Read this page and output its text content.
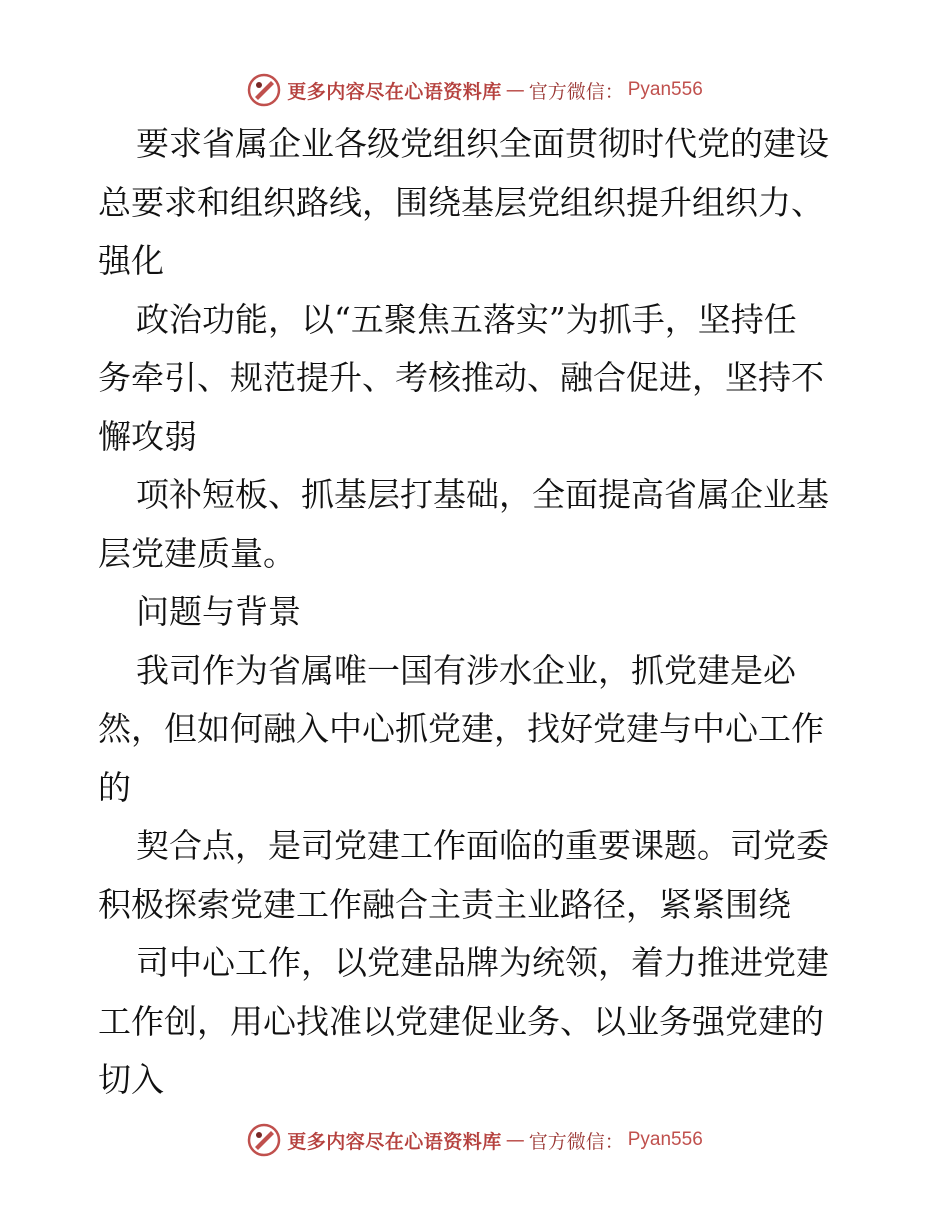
更多内容尽在心语资料库 — 官方微信： Pyan556
要求省属企业各级党组织全面贯彻时代党的建设
总要求和组织路线，围绕基层党组织提升组织力、
强化
政治功能，以“五聚焦五落实”为抓手，坚持任
务牵引、规范提升、考核推动、融合促进，坚持不
懈攻弱
项补短板、抓基层打基础，全面提高省属企业基
层党建质量。
问题与背景
我司作为省属唯一国有涉水企业，抓党建是必
然，但如何融入中心抓党建，找好党建与中心工作
的
契合点，是司党建工作面临的重要课题。司党委
积极探索党建工作融合主责主业路径，紧紧围绕
司中心工作，以党建品牌为统领，着力推进党建
工作创，用心找准以党建促业务、以业务强党建的
切入
更多内容尽在心语资料库 — 官方微信： Pyan556
